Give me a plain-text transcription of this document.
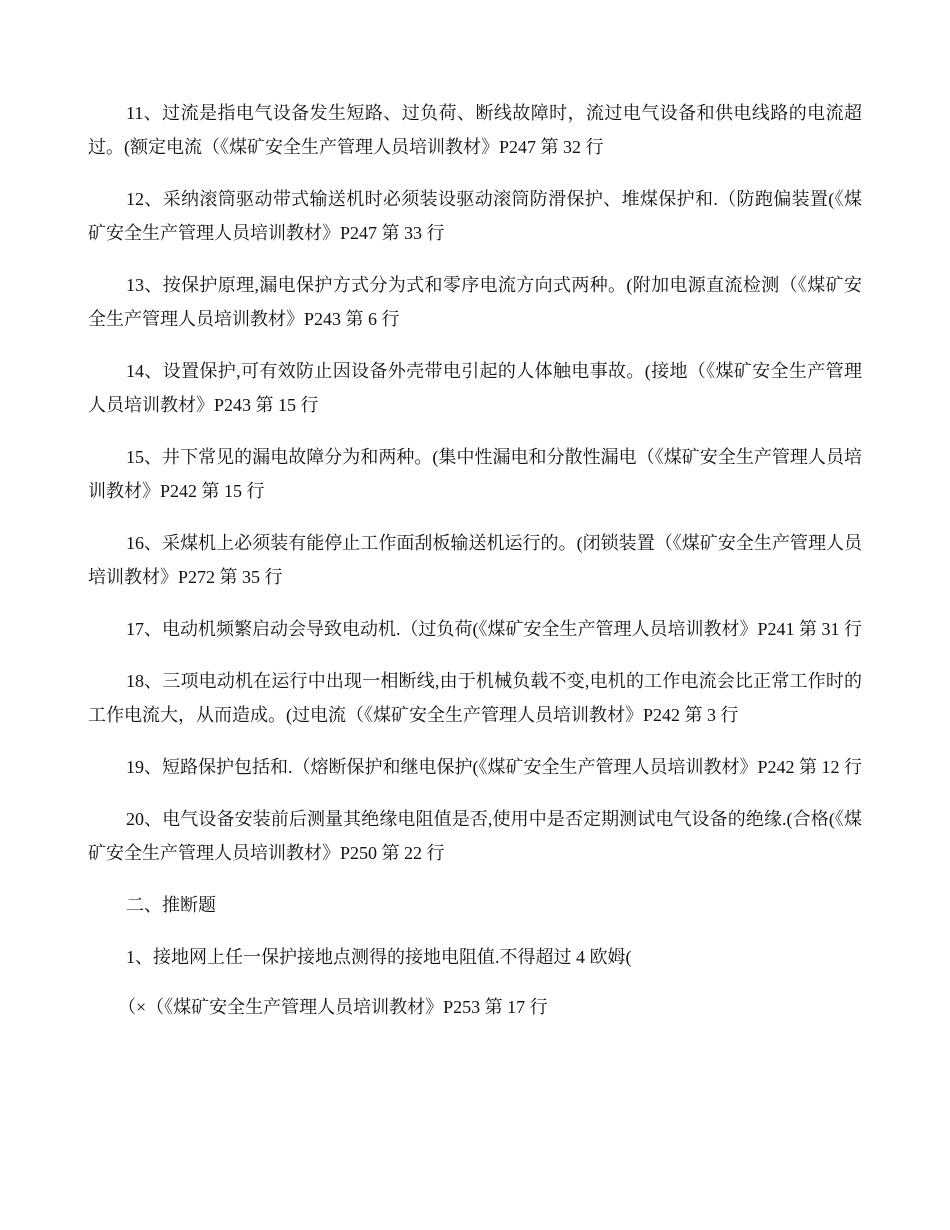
11、过流是指电气设备发生短路、过负荷、断线故障时，流过电气设备和供电线路的电流超过。(额定电流（《煤矿安全生产管理人员培训教材》P247 第 32 行

12、采纳滚筒驱动带式输送机时必须装设驱动滚筒防滑保护、堆煤保护和.（防跑偏装置(《煤矿安全生产管理人员培训教材》P247 第 33 行

13、按保护原理,漏电保护方式分为式和零序电流方向式两种。(附加电源直流检测（《煤矿安全生产管理人员培训教材》P243 第 6 行

14、设置保护,可有效防止因设备外壳带电引起的人体触电事故。(接地（《煤矿安全生产管理人员培训教材》P243 第 15 行

15、井下常见的漏电故障分为和两种。(集中性漏电和分散性漏电（《煤矿安全生产管理人员培训教材》P242 第 15 行

16、采煤机上必须装有能停止工作面刮板输送机运行的。(闭锁装置（《煤矿安全生产管理人员培训教材》P272 第 35 行

17、电动机频繁启动会导致电动机.（过负荷(《煤矿安全生产管理人员培训教材》P241 第 31 行

18、三项电动机在运行中出现一相断线,由于机械负载不变,电机的工作电流会比正常工作时的工作电流大，从而造成。(过电流（《煤矿安全生产管理人员培训教材》P242 第 3 行

19、短路保护包括和.（熔断保护和继电保护(《煤矿安全生产管理人员培训教材》P242 第 12 行

20、电气设备安装前后测量其绝缘电阻值是否,使用中是否定期测试电气设备的绝缘.(合格(《煤矿安全生产管理人员培训教材》P250 第 22 行

二、推断题

1、接地网上任一保护接地点测得的接地电阻值.不得超过 4 欧姆(

（×（《煤矿安全生产管理人员培训教材》P253 第 17 行
